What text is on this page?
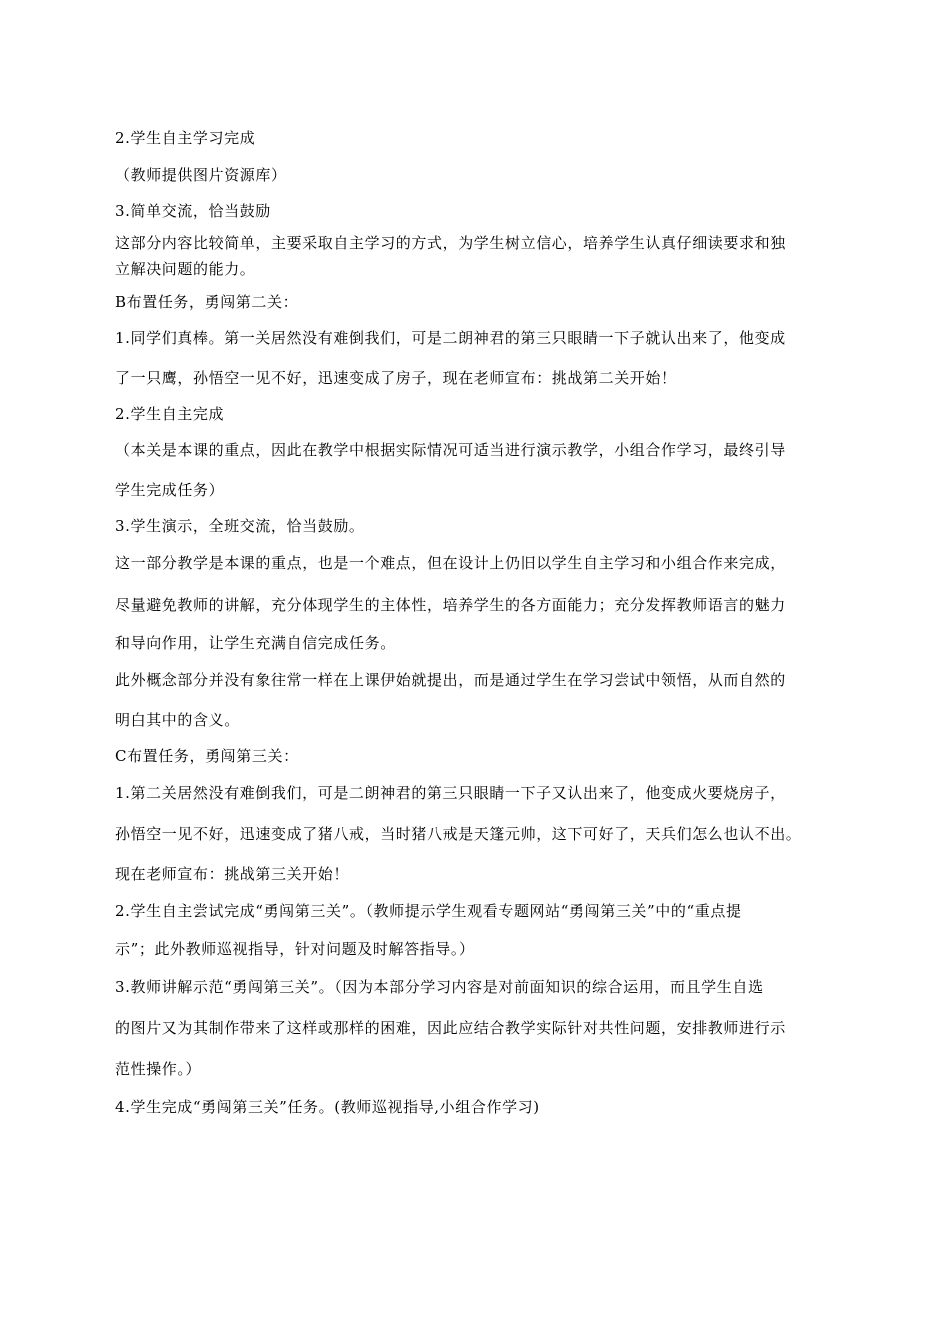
2.学生自主学习完成
（教师提供图片资源库）
3.简单交流，恰当鼓励
这部分内容比较简单，主要采取自主学习的方式，为学生树立信心，培养学生认真仔细读要求和独
立解决问题的能力。
B布置任务，勇闯第二关：
1.同学们真棒。第一关居然没有难倒我们，可是二朗神君的第三只眼睛一下子就认出来了，他变成
了一只鹰，孙悟空一见不好，迅速变成了房子，现在老师宣布：挑战第二关开始！
2.学生自主完成
（本关是本课的重点，因此在教学中根据实际情况可适当进行演示教学，小组合作学习，最终引导
学生完成任务）
3.学生演示，全班交流，恰当鼓励。
这一部分教学是本课的重点，也是一个难点，但在设计上仍旧以学生自主学习和小组合作来完成，
尽量避免教师的讲解，充分体现学生的主体性，培养学生的各方面能力；充分发挥教师语言的魅力
和导向作用，让学生充满自信完成任务。
此外概念部分并没有象往常一样在上课伊始就提出，而是通过学生在学习尝试中领悟，从而自然的
明白其中的含义。
C布置任务，勇闯第三关：
1.第二关居然没有难倒我们，可是二朗神君的第三只眼睛一下子又认出来了，他变成火要烧房子，
孙悟空一见不好，迅速变成了猪八戒，当时猪八戒是天篷元帅，这下可好了，天兵们怎么也认不出。
现在老师宣布：挑战第三关开始！
2.学生自主尝试完成“勇闯第三关”。（教师提示学生观看专题网站“勇闯第三关”中的“重点提
示”；此外教师巡视指导，针对问题及时解答指导。）
3.教师讲解示范“勇闯第三关”。（因为本部分学习内容是对前面知识的综合运用，而且学生自选
的图片又为其制作带来了这样或那样的困难，因此应结合教学实际针对共性问题，安排教师进行示
范性操作。）
4.学生完成“勇闯第三关”任务。(教师巡视指导,小组合作学习)
